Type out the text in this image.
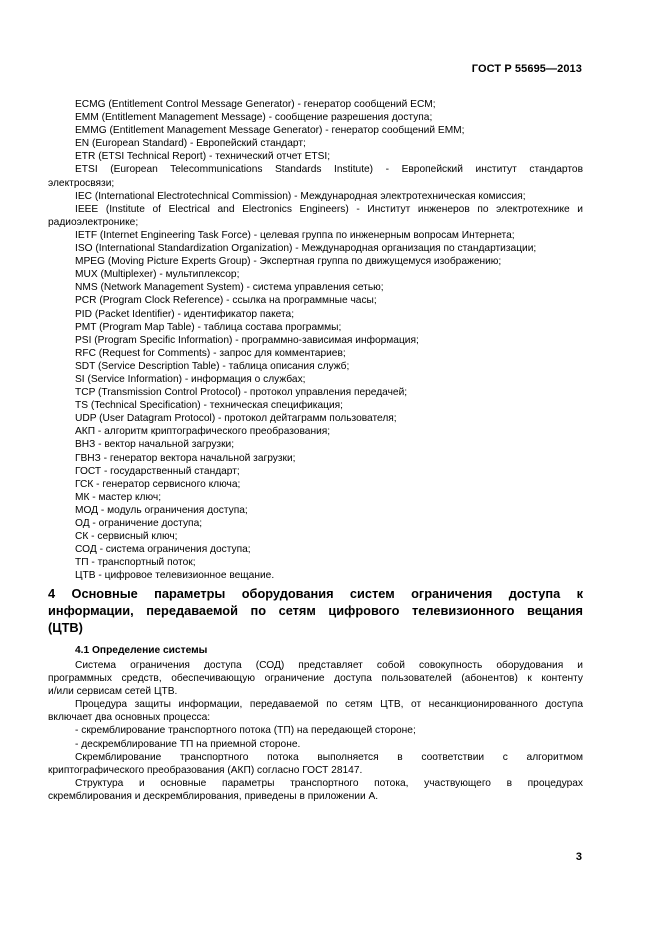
ГОСТ Р 55695—2013
ECMG (Entitlement Control Message Generator) - генератор сообщений ECM;
EMM (Entitlement Management Message) - сообщение разрешения доступа;
EMMG (Entitlement Management Message Generator) - генератор сообщений EMM;
EN (European Standard) - Европейский стандарт;
ETR (ETSI Technical Report) - технический отчет ETSI;
ETSI (European Telecommunications Standards Institute) - Европейский институт стандартов
электросвязи;
IEC (International Electrotechnical Commission) - Международная электротехническая комиссия;
IEEE (Institute of Electrical and Electronics Engineers) - Институт инженеров по электротехнике и
радиоэлектронике;
IETF (Internet Engineering Task Force) - целевая группа по инженерным вопросам Интернета;
ISO (International Standardization Organization) - Международная организация по стандартизации;
MPEG (Moving Picture Experts Group) - Экспертная группа по движущемуся изображению;
MUX (Multiplexer) - мультиплексор;
NMS (Network Management System) - система управления сетью;
PCR (Program Clock Reference) - ссылка на программные часы;
PID (Packet Identifier) - идентификатор пакета;
PMT (Program Map Table) - таблица состава программы;
PSI (Program Specific Information) - программно-зависимая информация;
RFC (Request for Comments) - запрос для комментариев;
SDT (Service Description Table) - таблица описания служб;
SI (Service Information) - информация о службах;
TCP (Transmission Control Protocol) - протокол управления передачей;
TS (Technical Specification) - техническая спецификация;
UDP (User Datagram Protocol) - протокол дейтаграмм пользователя;
АКП - алгоритм криптографического преобразования;
ВНЗ - вектор начальной загрузки;
ГВНЗ - генератор вектора начальной загрузки;
ГОСТ - государственный стандарт;
ГСК - генератор сервисного ключа;
МК - мастер ключ;
МОД - модуль ограничения доступа;
ОД - ограничение доступа;
СК - сервисный ключ;
СОД - система ограничения доступа;
ТП - транспортный поток;
ЦТВ - цифровое телевизионное вещание.
4 Основные параметры оборудования систем ограничения доступа к
информации, передаваемой по сетям цифрового телевизионного вещания
(ЦТВ)
4.1 Определение системы
Система ограничения доступа (СОД) представляет собой совокупность оборудования и
программных средств, обеспечивающую ограничение доступа пользователей (абонентов) к контенту
и/или сервисам сетей ЦТВ.
Процедура защиты информации, передаваемой по сетям ЦТВ, от несанкционированного доступа
включает два основных процесса:
- скремблирование транспортного потока (ТП) на передающей стороне;
- дескремблирование ТП на приемной стороне.
Скремблирование транспортного потока выполняется в соответствии с алгоритмом
криптографического преобразования (АКП) согласно ГОСТ 28147.
Структура и основные параметры транспортного потока, участвующего в процедурах
скремблирования и дескремблирования, приведены в приложении А.
3
